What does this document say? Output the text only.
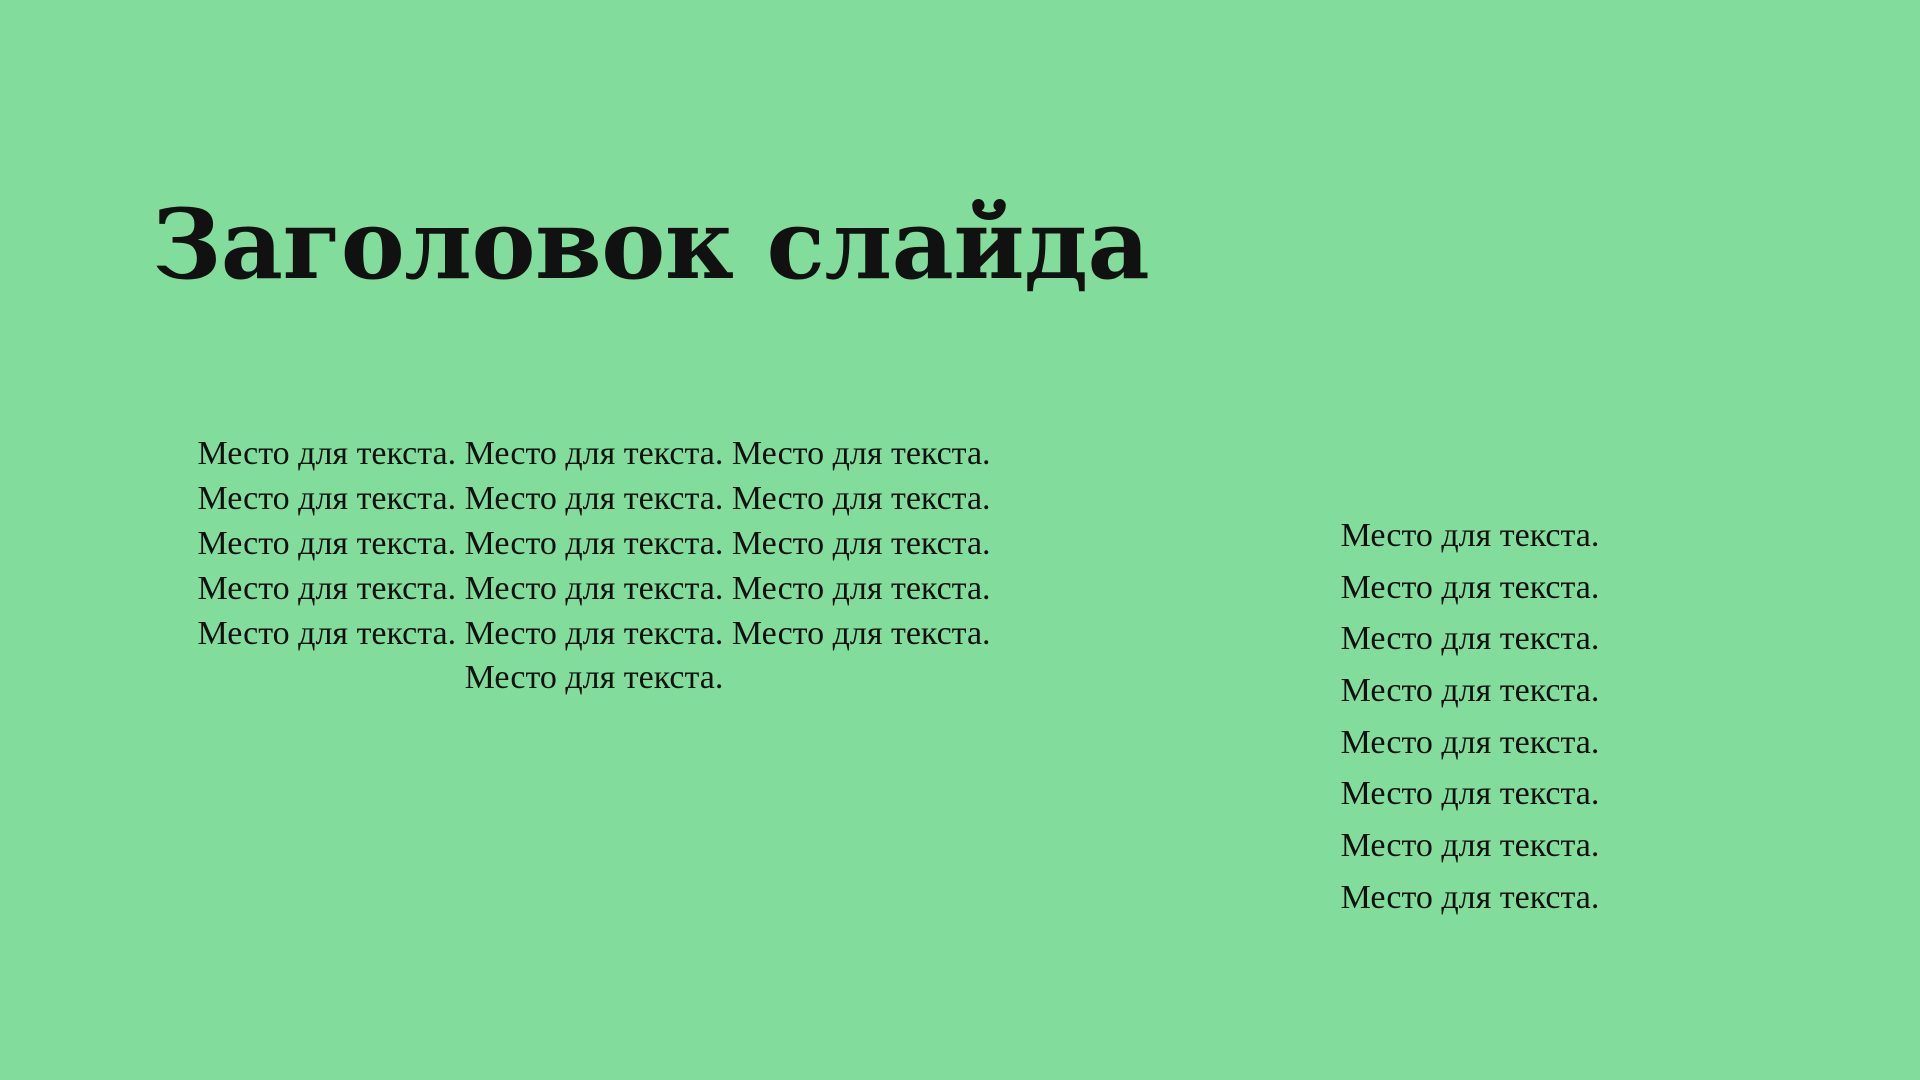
Заголовок слайда
Место для текста. Место для текста. Место для текста.
Место для текста. Место для текста. Место для текста.
Место для текста. Место для текста. Место для текста.
Место для текста. Место для текста. Место для текста.
Место для текста. Место для текста. Место для текста.
Место для текста.
Место для текста.
Место для текста.
Место для текста.
Место для текста.
Место для текста.
Место для текста.
Место для текста.
Место для текста.
